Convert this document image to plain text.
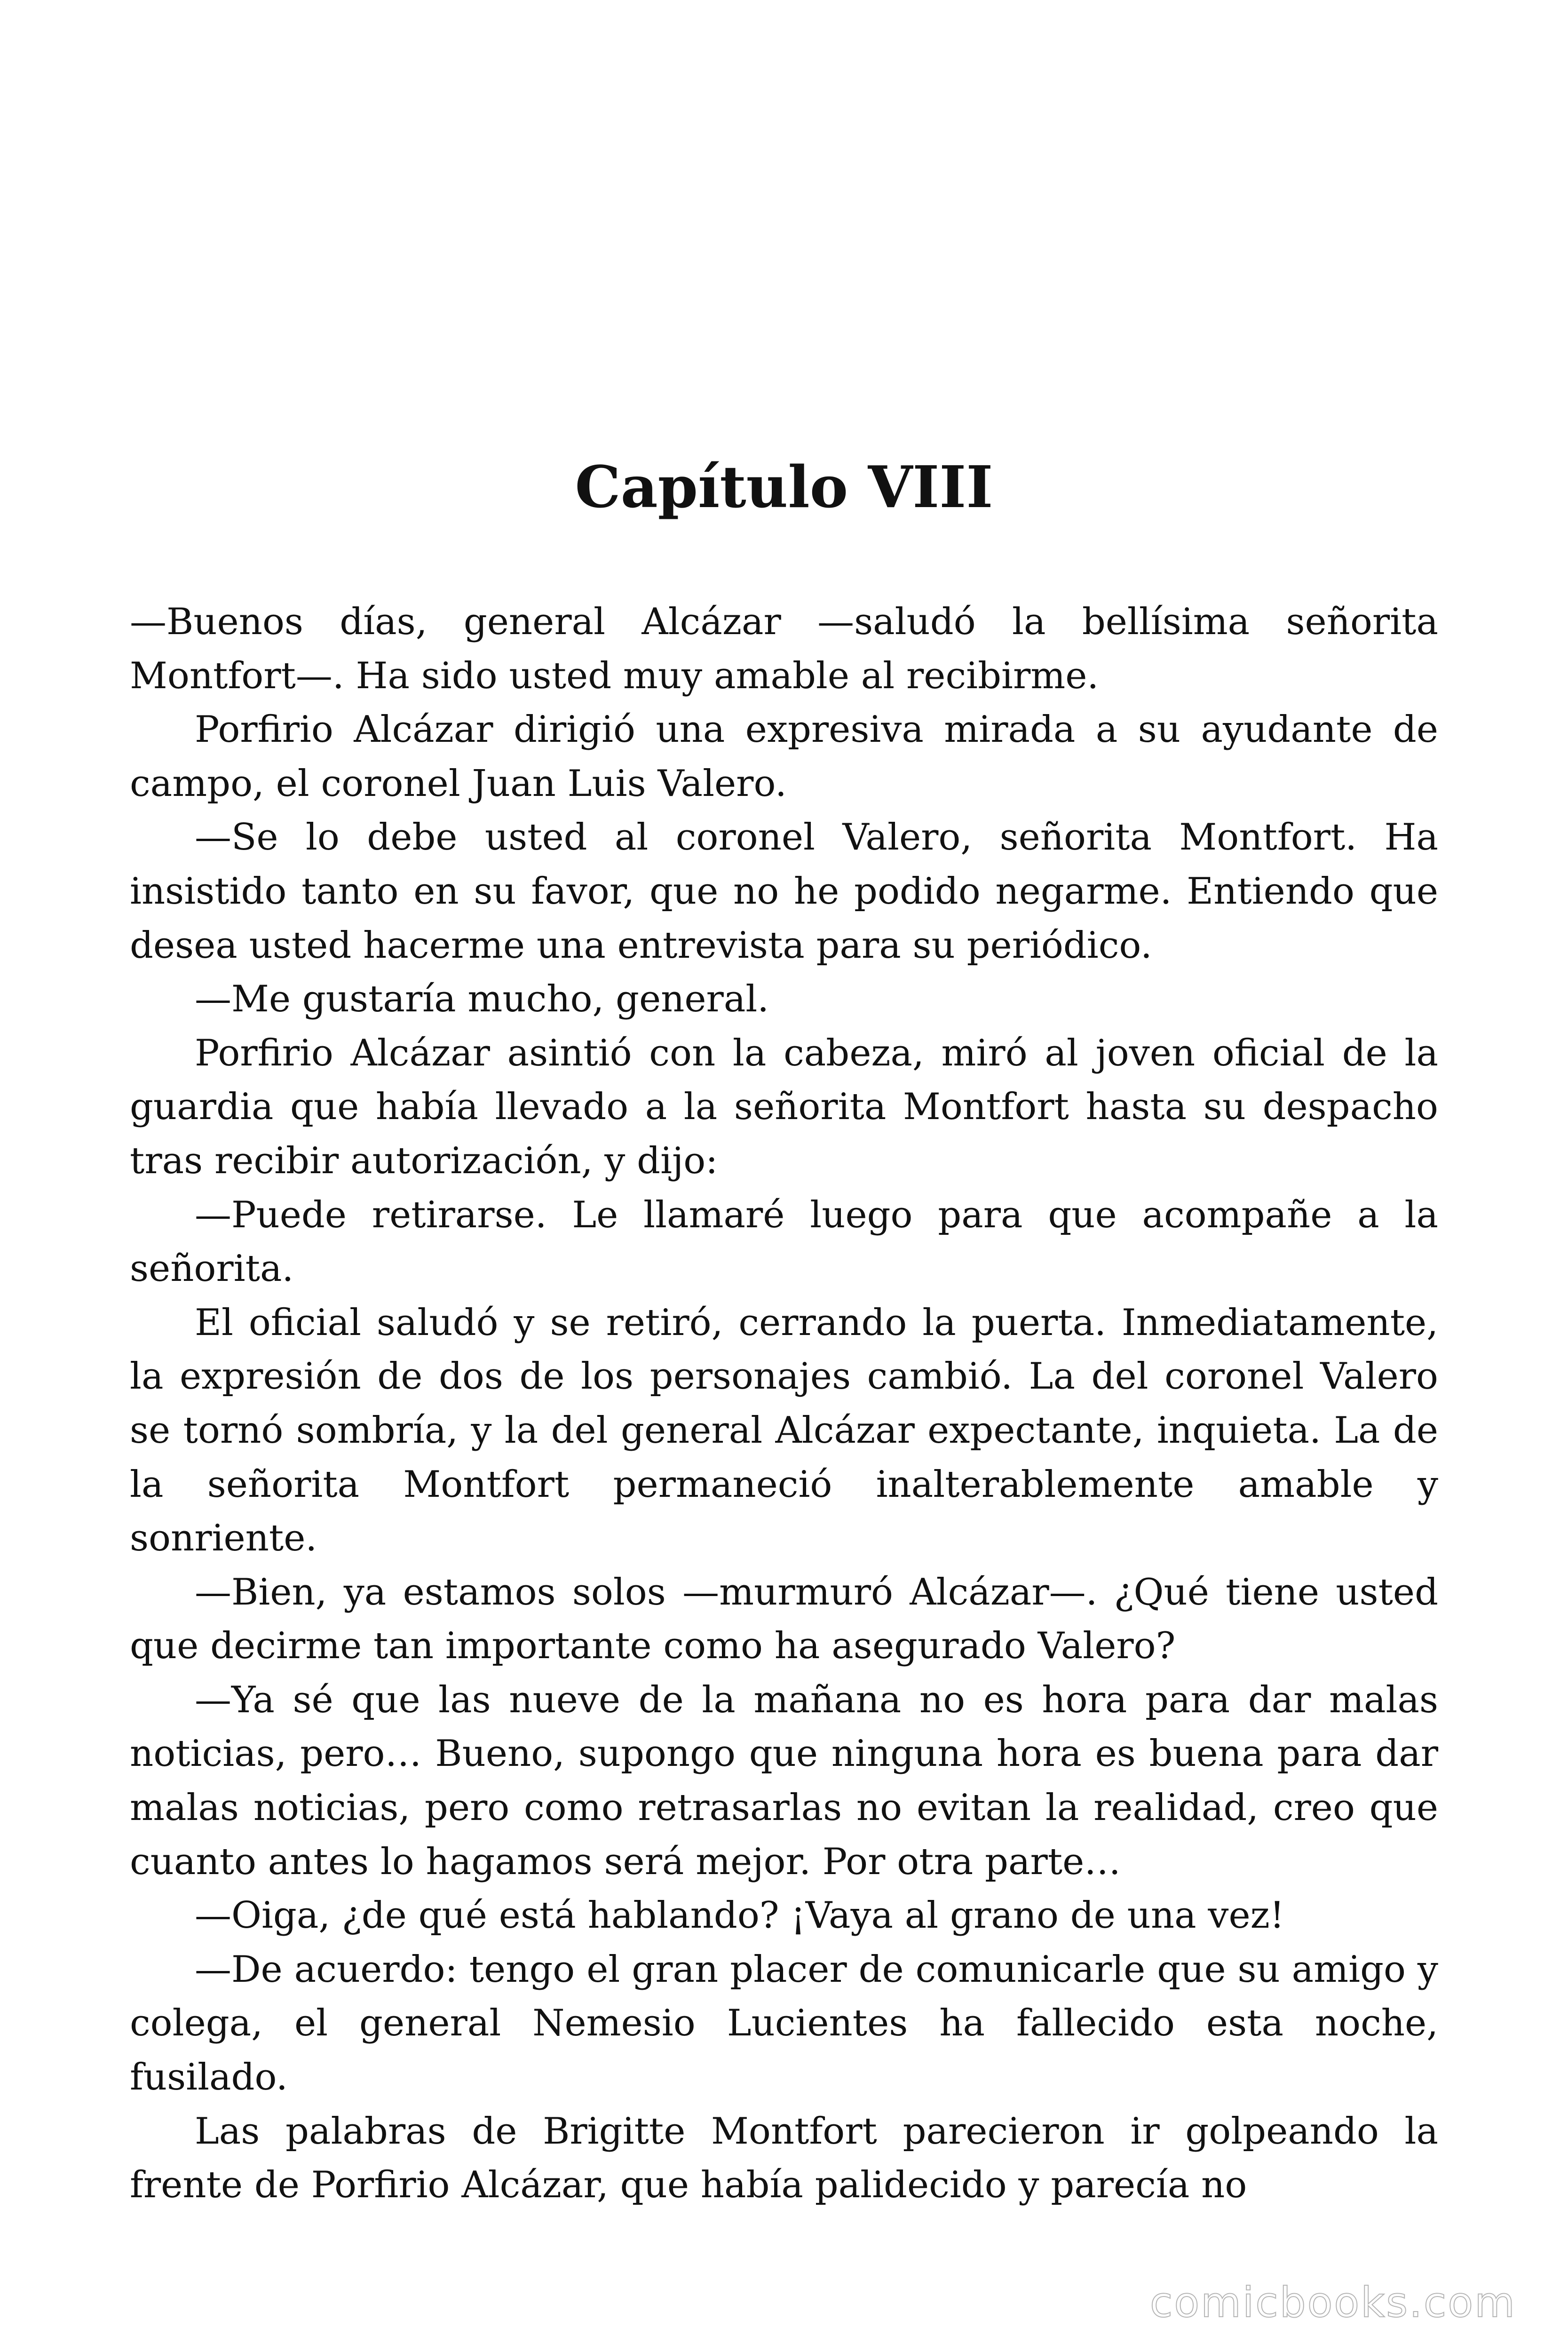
Capítulo VIII

—Buenos días, general Alcázar —saludó la bellísima señorita Montfort—. Ha sido usted muy amable al recibirme.

Porfirio Alcázar dirigió una expresiva mirada a su ayudante de campo, el coronel Juan Luis Valero.

—Se lo debe usted al coronel Valero, señorita Montfort. Ha insistido tanto en su favor, que no he podido negarme. Entiendo que desea usted hacerme una entrevista para su periódico.

—Me gustaría mucho, general.

Porfirio Alcázar asintió con la cabeza, miró al joven oficial de la guardia que había llevado a la señorita Montfort hasta su despacho tras recibir autorización, y dijo:

—Puede retirarse. Le llamaré luego para que acompañe a la señorita.

El oficial saludó y se retiró, cerrando la puerta. Inmediatamente, la expresión de dos de los personajes cambió. La del coronel Valero se tornó sombría, y la del general Alcázar expectante, inquieta. La de la señorita Montfort permaneció inalterablemente amable y sonriente.

—Bien, ya estamos solos —murmuró Alcázar—. ¿Qué tiene usted que decirme tan importante como ha asegurado Valero?

—Ya sé que las nueve de la mañana no es hora para dar malas noticias, pero… Bueno, supongo que ninguna hora es buena para dar malas noticias, pero como retrasarlas no evitan la realidad, creo que cuanto antes lo hagamos será mejor. Por otra parte…

—Oiga, ¿de qué está hablando? ¡Vaya al grano de una vez!

—De acuerdo: tengo el gran placer de comunicarle que su amigo y colega, el general Nemesio Lucientes ha fallecido esta noche, fusilado.

Las palabras de Brigitte Montfort parecieron ir golpeando la frente de Porfirio Alcázar, que había palidecido y parecía no

comicbooks.com
